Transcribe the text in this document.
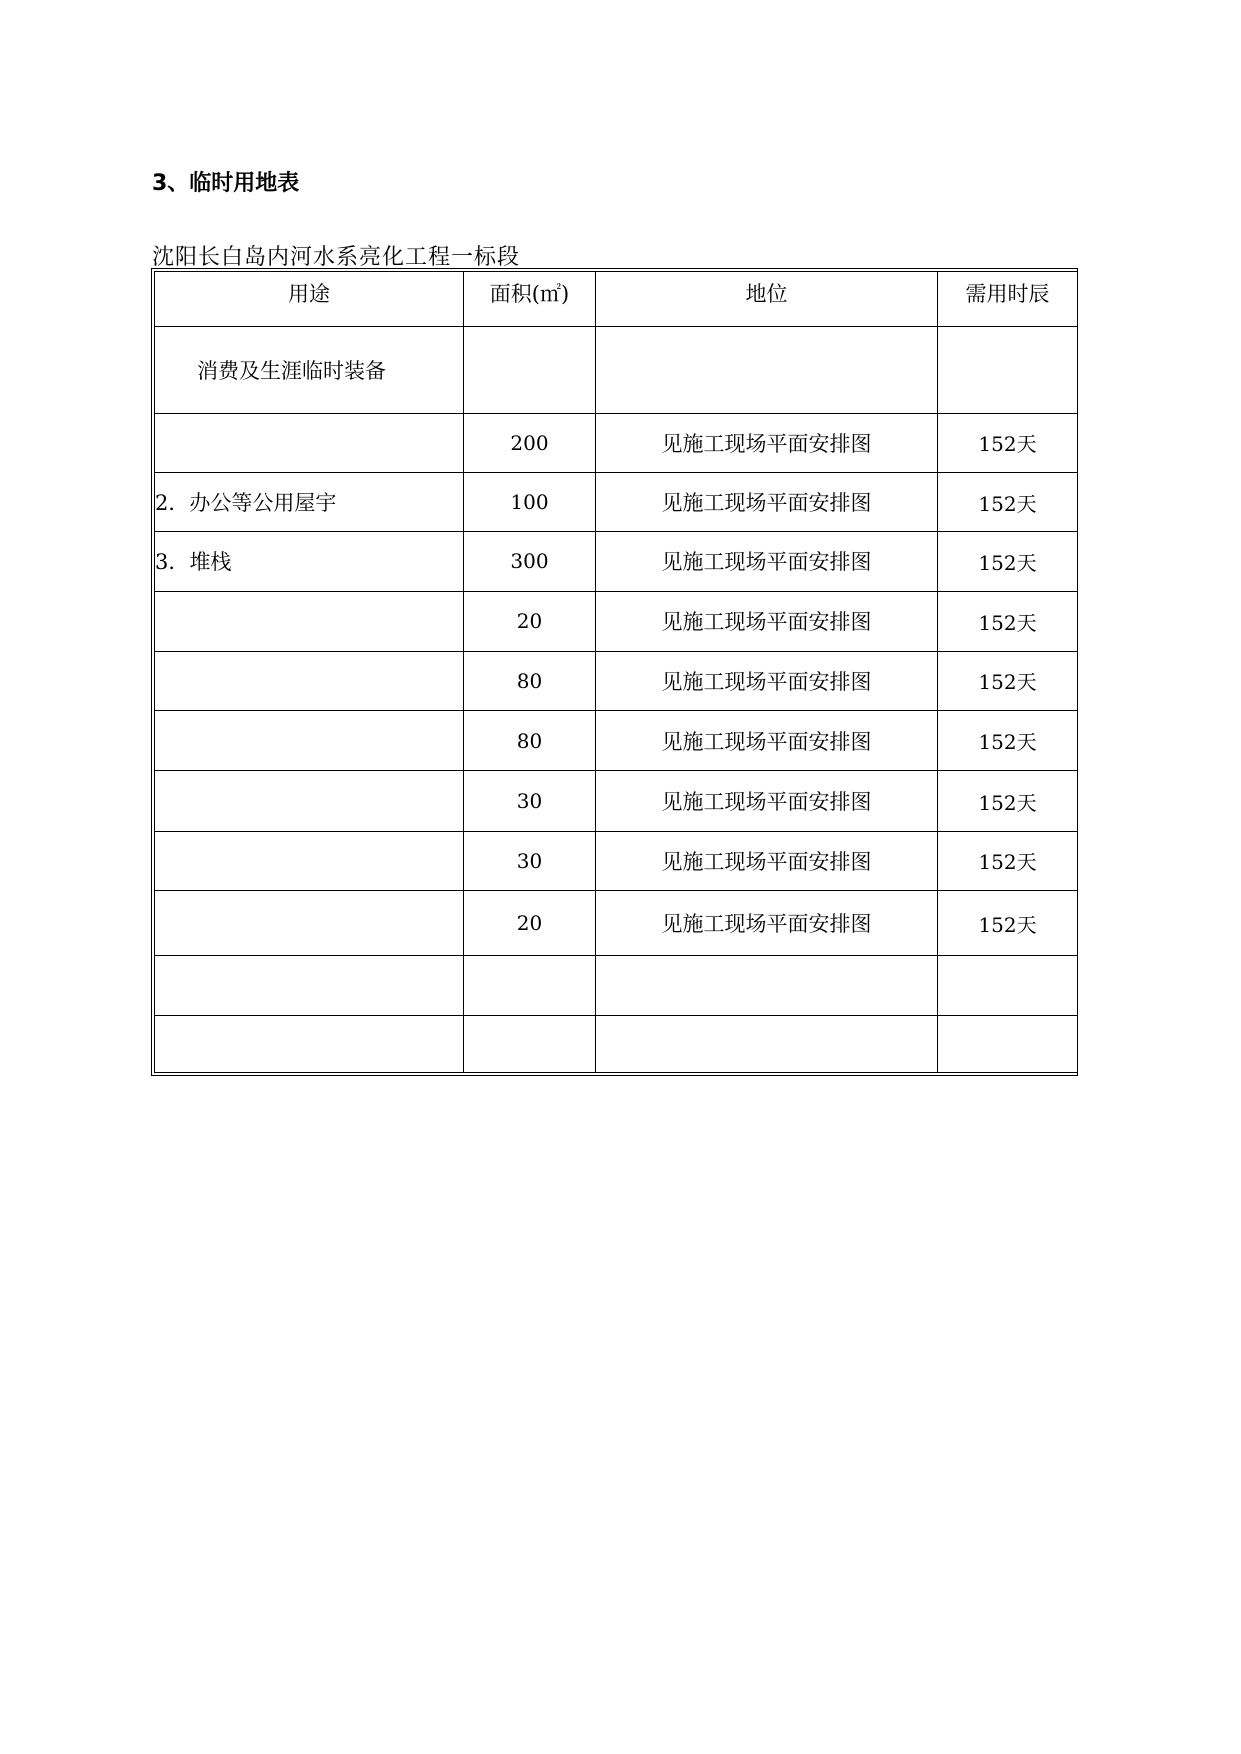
3、临时用地表
沈阳长白岛内河水系亮化工程一标段
用途	面积(㎡)	地位	需用时辰
消费及生涯临时装备			
	200	见施工现场平面安排图	152天
2．办公等公用屋宇	100	见施工现场平面安排图	152天
3．堆栈	300	见施工现场平面安排图	152天
	20	见施工现场平面安排图	152天
	80	见施工现场平面安排图	152天
	80	见施工现场平面安排图	152天
	30	见施工现场平面安排图	152天
	30	见施工现场平面安排图	152天
	20	见施工现场平面安排图	152天
